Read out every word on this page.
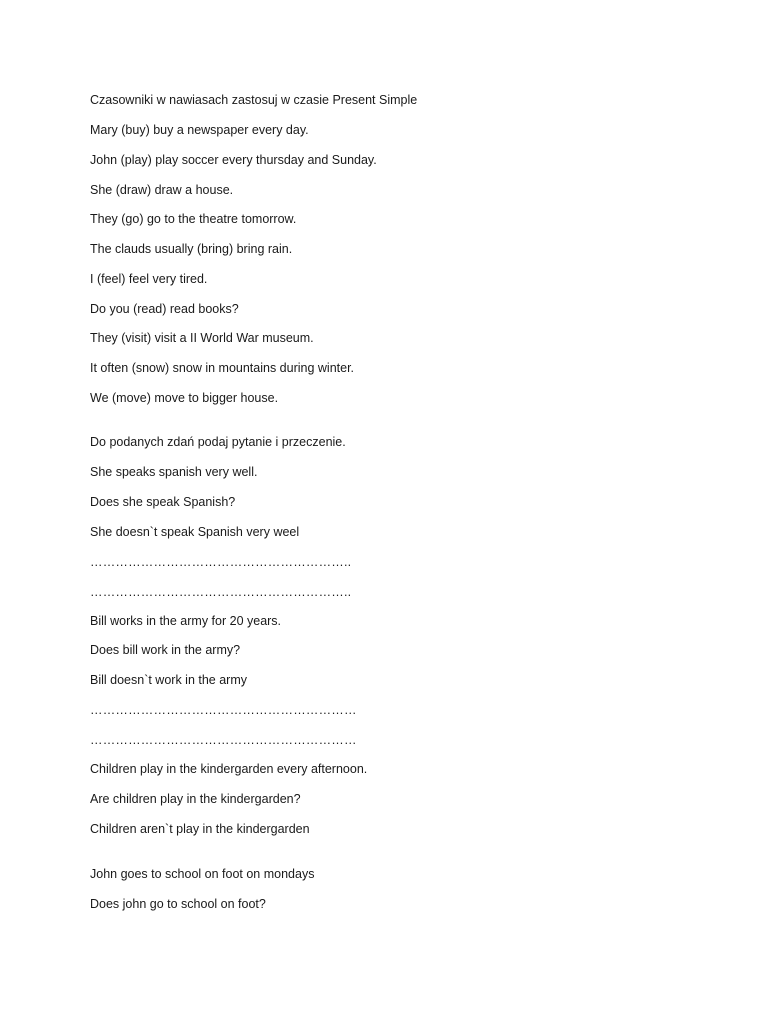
Czasowniki w nawiasach zastosuj w czasie Present Simple

Mary (buy) buy a newspaper every day.

John (play) play soccer every thursday and Sunday.

She (draw) draw a house.

They (go) go to the theatre tomorrow.

The clauds usually (bring) bring rain.

I (feel) feel very tired.

Do you (read) read books?

They (visit) visit a II World War museum.

It often (snow) snow in mountains during winter.

We (move) move to bigger house.

Do podanych zdań podaj pytanie i przeczenie.

She speaks spanish very well.

Does she speak Spanish?

She doesn`t speak Spanish very weel

……………………………………………………..

……………………………………………………..

Bill works in the army for 20 years.

Does bill work in the army?

Bill doesn`t work in the army

………………………………………………………

………………………………………………………

Children play in the kindergarden every afternoon.

Are children play in the kindergarden?

Children aren`t play in the kindergarden

John goes to school on foot on mondays

Does john go to school on foot?
